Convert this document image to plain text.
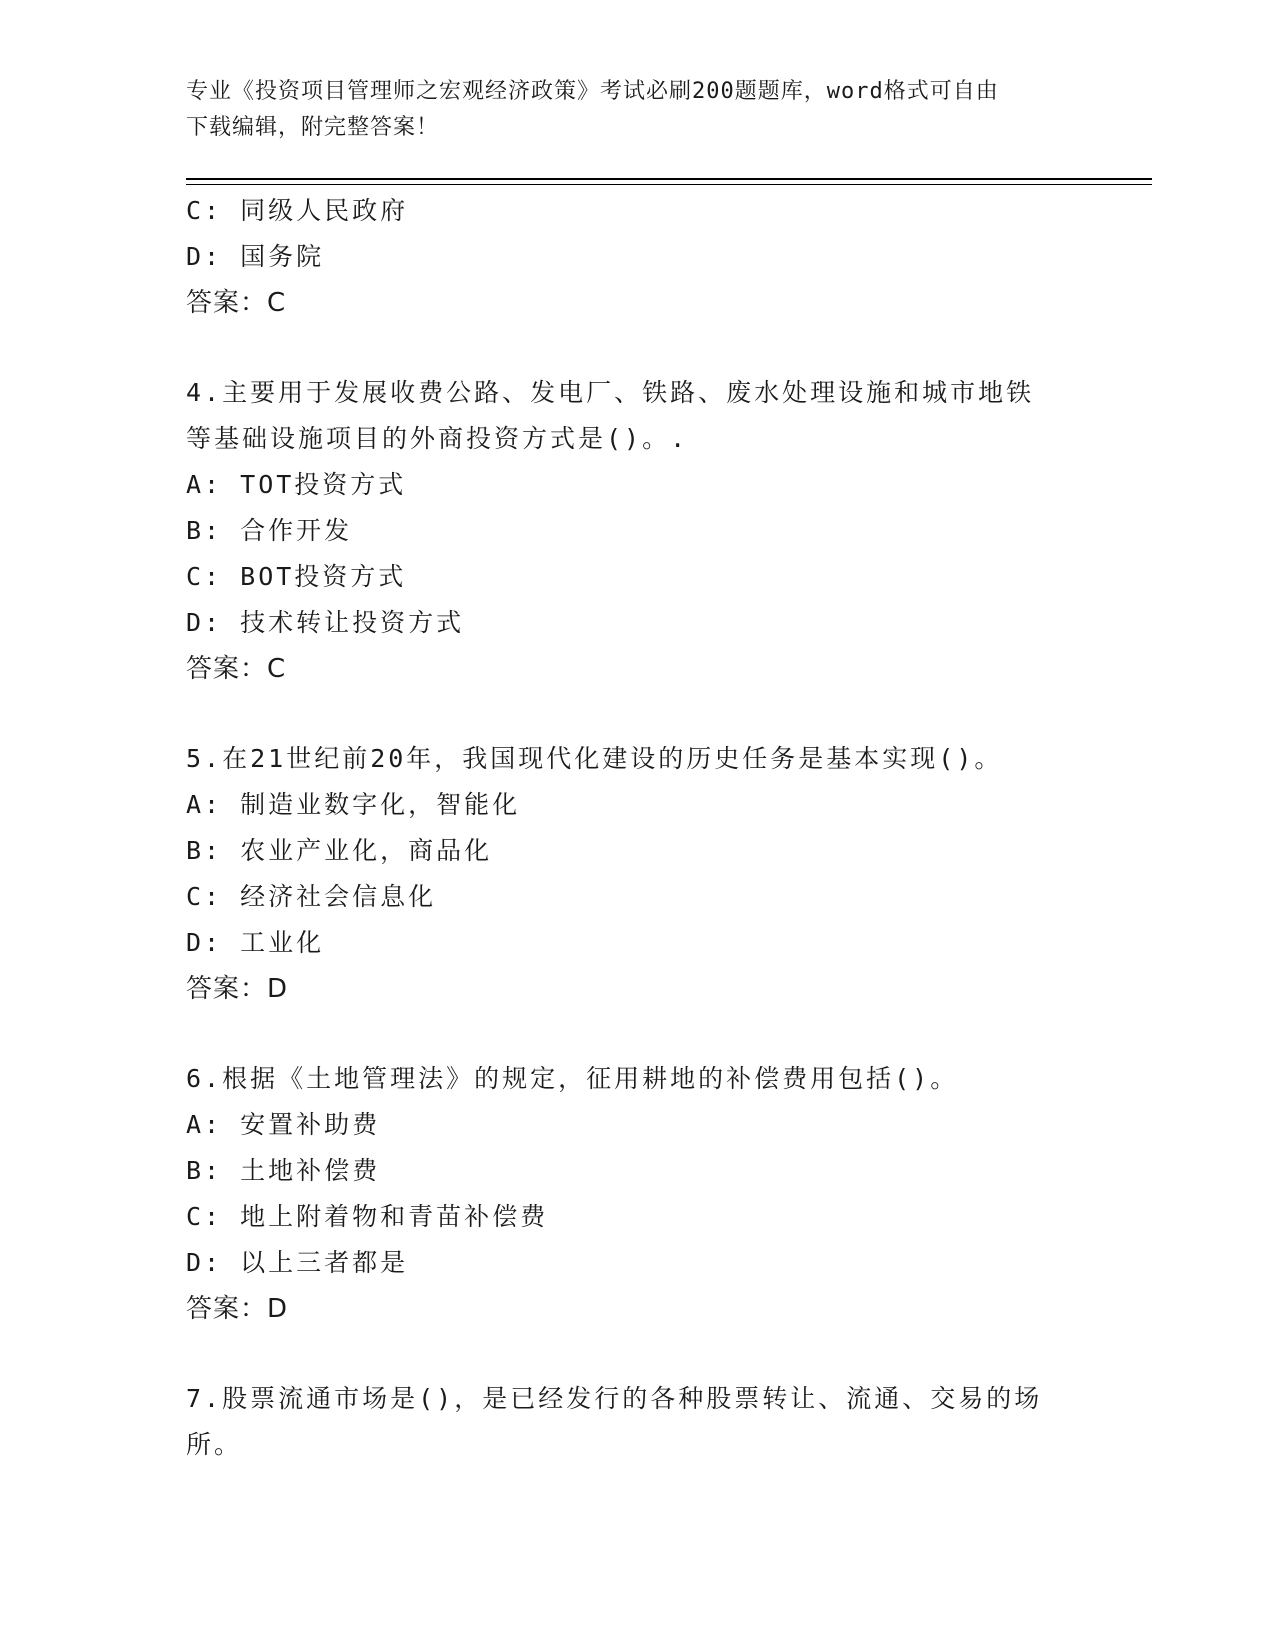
专业《投资项目管理师之宏观经济政策》考试必刷200题题库，word格式可自由
下载编辑，附完整答案！
C: 同级人民政府
D: 国务院
答案：C
4.主要用于发展收费公路、发电厂、铁路、废水处理设施和城市地铁
等基础设施项目的外商投资方式是()。.
A: TOT投资方式
B: 合作开发
C: BOT投资方式
D: 技术转让投资方式
答案：C
5.在21世纪前20年，我国现代化建设的历史任务是基本实现()。
A: 制造业数字化，智能化
B: 农业产业化，商品化
C: 经济社会信息化
D: 工业化
答案：D
6.根据《土地管理法》的规定，征用耕地的补偿费用包括()。
A: 安置补助费
B: 土地补偿费
C: 地上附着物和青苗补偿费
D: 以上三者都是
答案：D
7.股票流通市场是()，是已经发行的各种股票转让、流通、交易的场
所。
